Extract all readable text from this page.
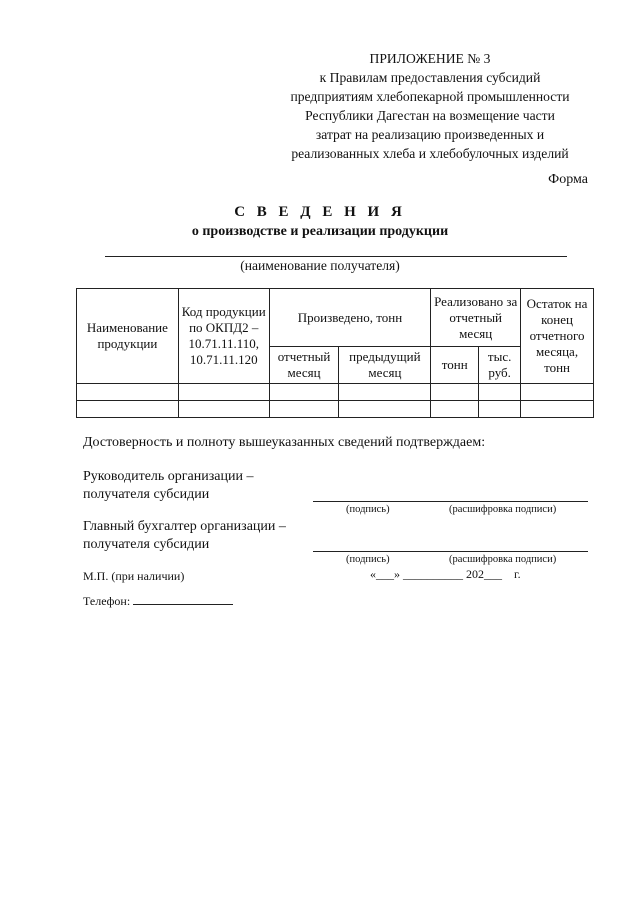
ПРИЛОЖЕНИЕ № 3
к Правилам предоставления субсидий
предприятиям хлебопекарной промышленности
Республики Дагестан на возмещение части
затрат на реализацию произведенных и
реализованных хлеба и хлебобулочных изделий
Форма
С В Е Д Е Н И Я
о производстве и реализации продукции
(наименование получателя)
Наименование продукции	Код продукции по ОКПД2 – 10.71.11.110, 10.71.11.120	Произведено, тонн		Реализовано за отчетный месяц		Остаток на конец отчетного месяца, тонн
		отчетный месяц	предыдущий месяц	тонн	тыс. руб.	

Достоверность и полноту вышеуказанных сведений подтверждаем:
Руководитель организации – получателя субсидии
(подпись)	(расшифровка подписи)
Главный бухгалтер организации – получателя субсидии
(подпись)	(расшифровка подписи)
М.П. (при наличии)	«___» __________ 202___    г.
Телефон:
